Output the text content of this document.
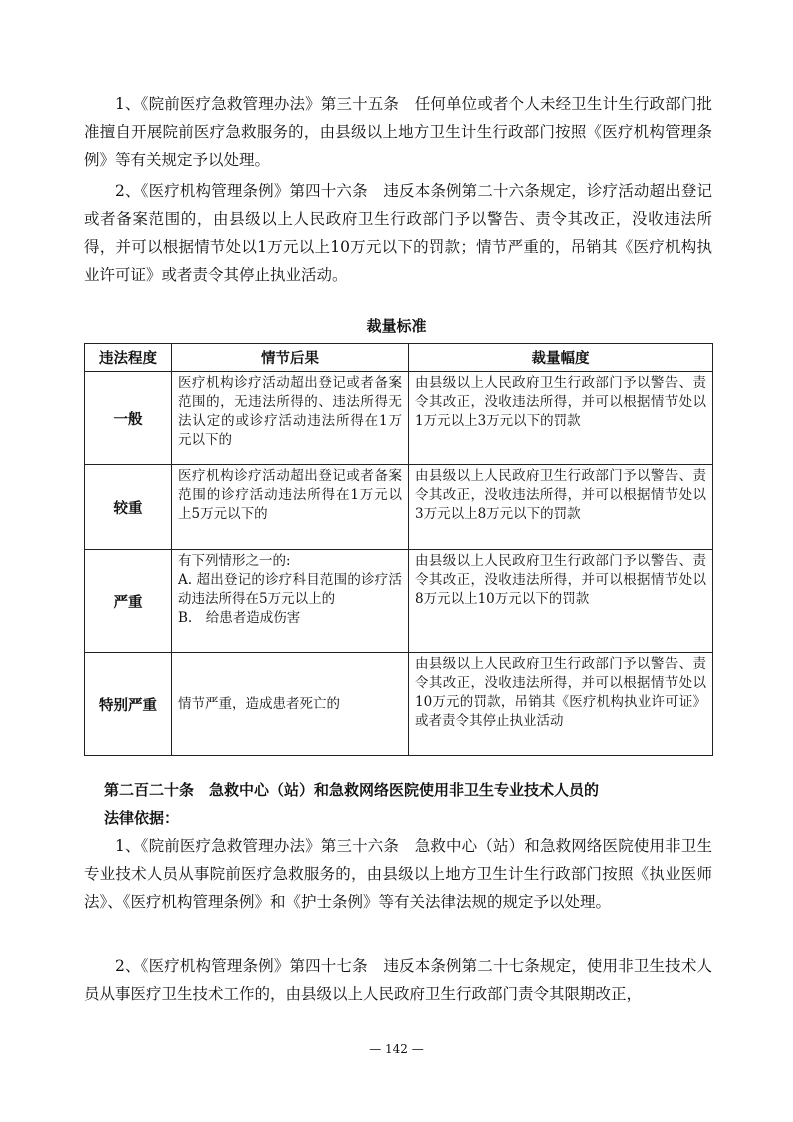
1、《院前医疗急救管理办法》第三十五条　任何单位或者个人未经卫生计生行政部门批准擅自开展院前医疗急救服务的，由县级以上地方卫生计生行政部门按照《医疗机构管理条例》等有关规定予以处理。

2、《医疗机构管理条例》第四十六条　违反本条例第二十六条规定，诊疗活动超出登记或者备案范围的，由县级以上人民政府卫生行政部门予以警告、责令其改正，没收违法所得，并可以根据情节处以1万元以上10万元以下的罚款；情节严重的，吊销其《医疗机构执业许可证》或者责令其停止执业活动。

裁量标准
违法程度	情节后果	裁量幅度
一般	医疗机构诊疗活动超出登记或者备案范围的，无违法所得的、违法所得无法认定的或诊疗活动违法所得在1万元以下的	由县级以上人民政府卫生行政部门予以警告、责令其改正，没收违法所得，并可以根据情节处以1万元以上3万元以下的罚款
较重	医疗机构诊疗活动超出登记或者备案范围的诊疗活动违法所得在1万元以上5万元以下的	由县级以上人民政府卫生行政部门予以警告、责令其改正，没收违法所得，并可以根据情节处以3万元以上8万元以下的罚款
严重	有下列情形之一的:
A. 超出登记的诊疗科目范围的诊疗活动违法所得在5万元以上的
B.　给患者造成伤害	由县级以上人民政府卫生行政部门予以警告、责令其改正，没收违法所得，并可以根据情节处以8万元以上10万元以下的罚款
特别严重	情节严重，造成患者死亡的	由县级以上人民政府卫生行政部门予以警告、责令其改正，没收违法所得，并可以根据情节处以10万元的罚款，吊销其《医疗机构执业许可证》或者责令其停止执业活动
第二百二十条　急救中心（站）和急救网络医院使用非卫生专业技术人员的
法律依据：

1、《院前医疗急救管理办法》第三十六条　急救中心（站）和急救网络医院使用非卫生专业技术人员从事院前医疗急救服务的，由县级以上地方卫生计生行政部门按照《执业医师法》、《医疗机构管理条例》和《护士条例》等有关法律法规的规定予以处理。

2、《医疗机构管理条例》第四十七条　违反本条例第二十七条规定，使用非卫生技术人员从事医疗卫生技术工作的，由县级以上人民政府卫生行政部门责令其限期改正，

— 142 —
